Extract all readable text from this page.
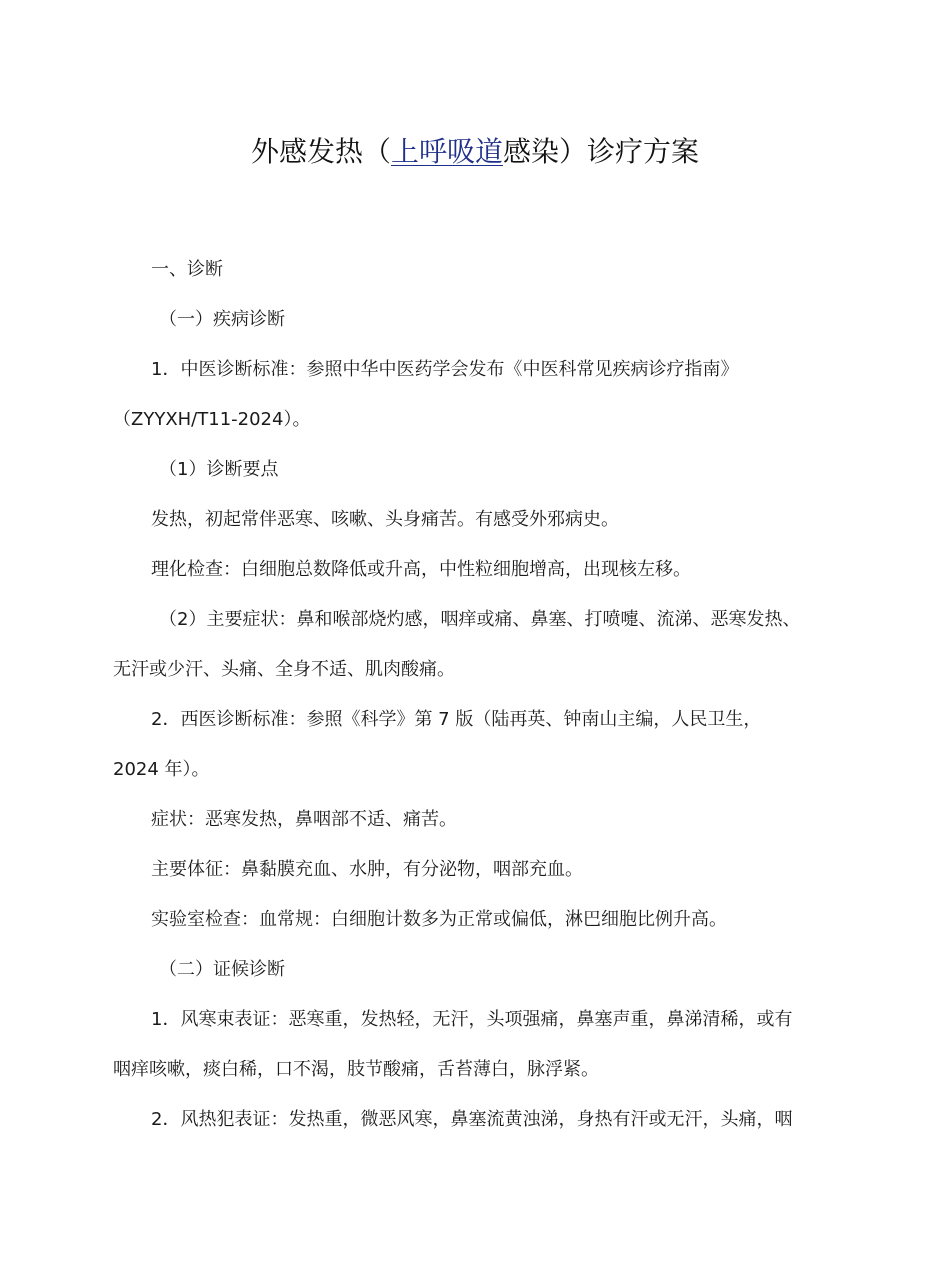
外感发热（上呼吸道感染）诊疗方案
一、诊断
（一）疾病诊断
1．中医诊断标准：参照中华中医药学会发布《中医科常见疾病诊疗指南》
（ZYYXH/T11-2024）。
（1）诊断要点
发热，初起常伴恶寒、咳嗽、头身痛苦。有感受外邪病史。
理化检查：白细胞总数降低或升高，中性粒细胞增高，出现核左移。
（2）主要症状：鼻和喉部烧灼感，咽痒或痛、鼻塞、打喷嚏、流涕、恶寒发热、
无汗或少汗、头痛、全身不适、肌肉酸痛。
2．西医诊断标准：参照《科学》第 7 版（陆再英、钟南山主编，人民卫生，
2024 年）。
症状：恶寒发热，鼻咽部不适、痛苦。
主要体征：鼻黏膜充血、水肿，有分泌物，咽部充血。
实验室检查：血常规：白细胞计数多为正常或偏低，淋巴细胞比例升高。
（二）证候诊断
1．风寒束表证：恶寒重，发热轻，无汗，头项强痛，鼻塞声重，鼻涕清稀，或有
咽痒咳嗽，痰白稀，口不渴，肢节酸痛，舌苔薄白，脉浮紧。
2．风热犯表证：发热重，微恶风寒，鼻塞流黄浊涕，身热有汗或无汗，头痛，咽
